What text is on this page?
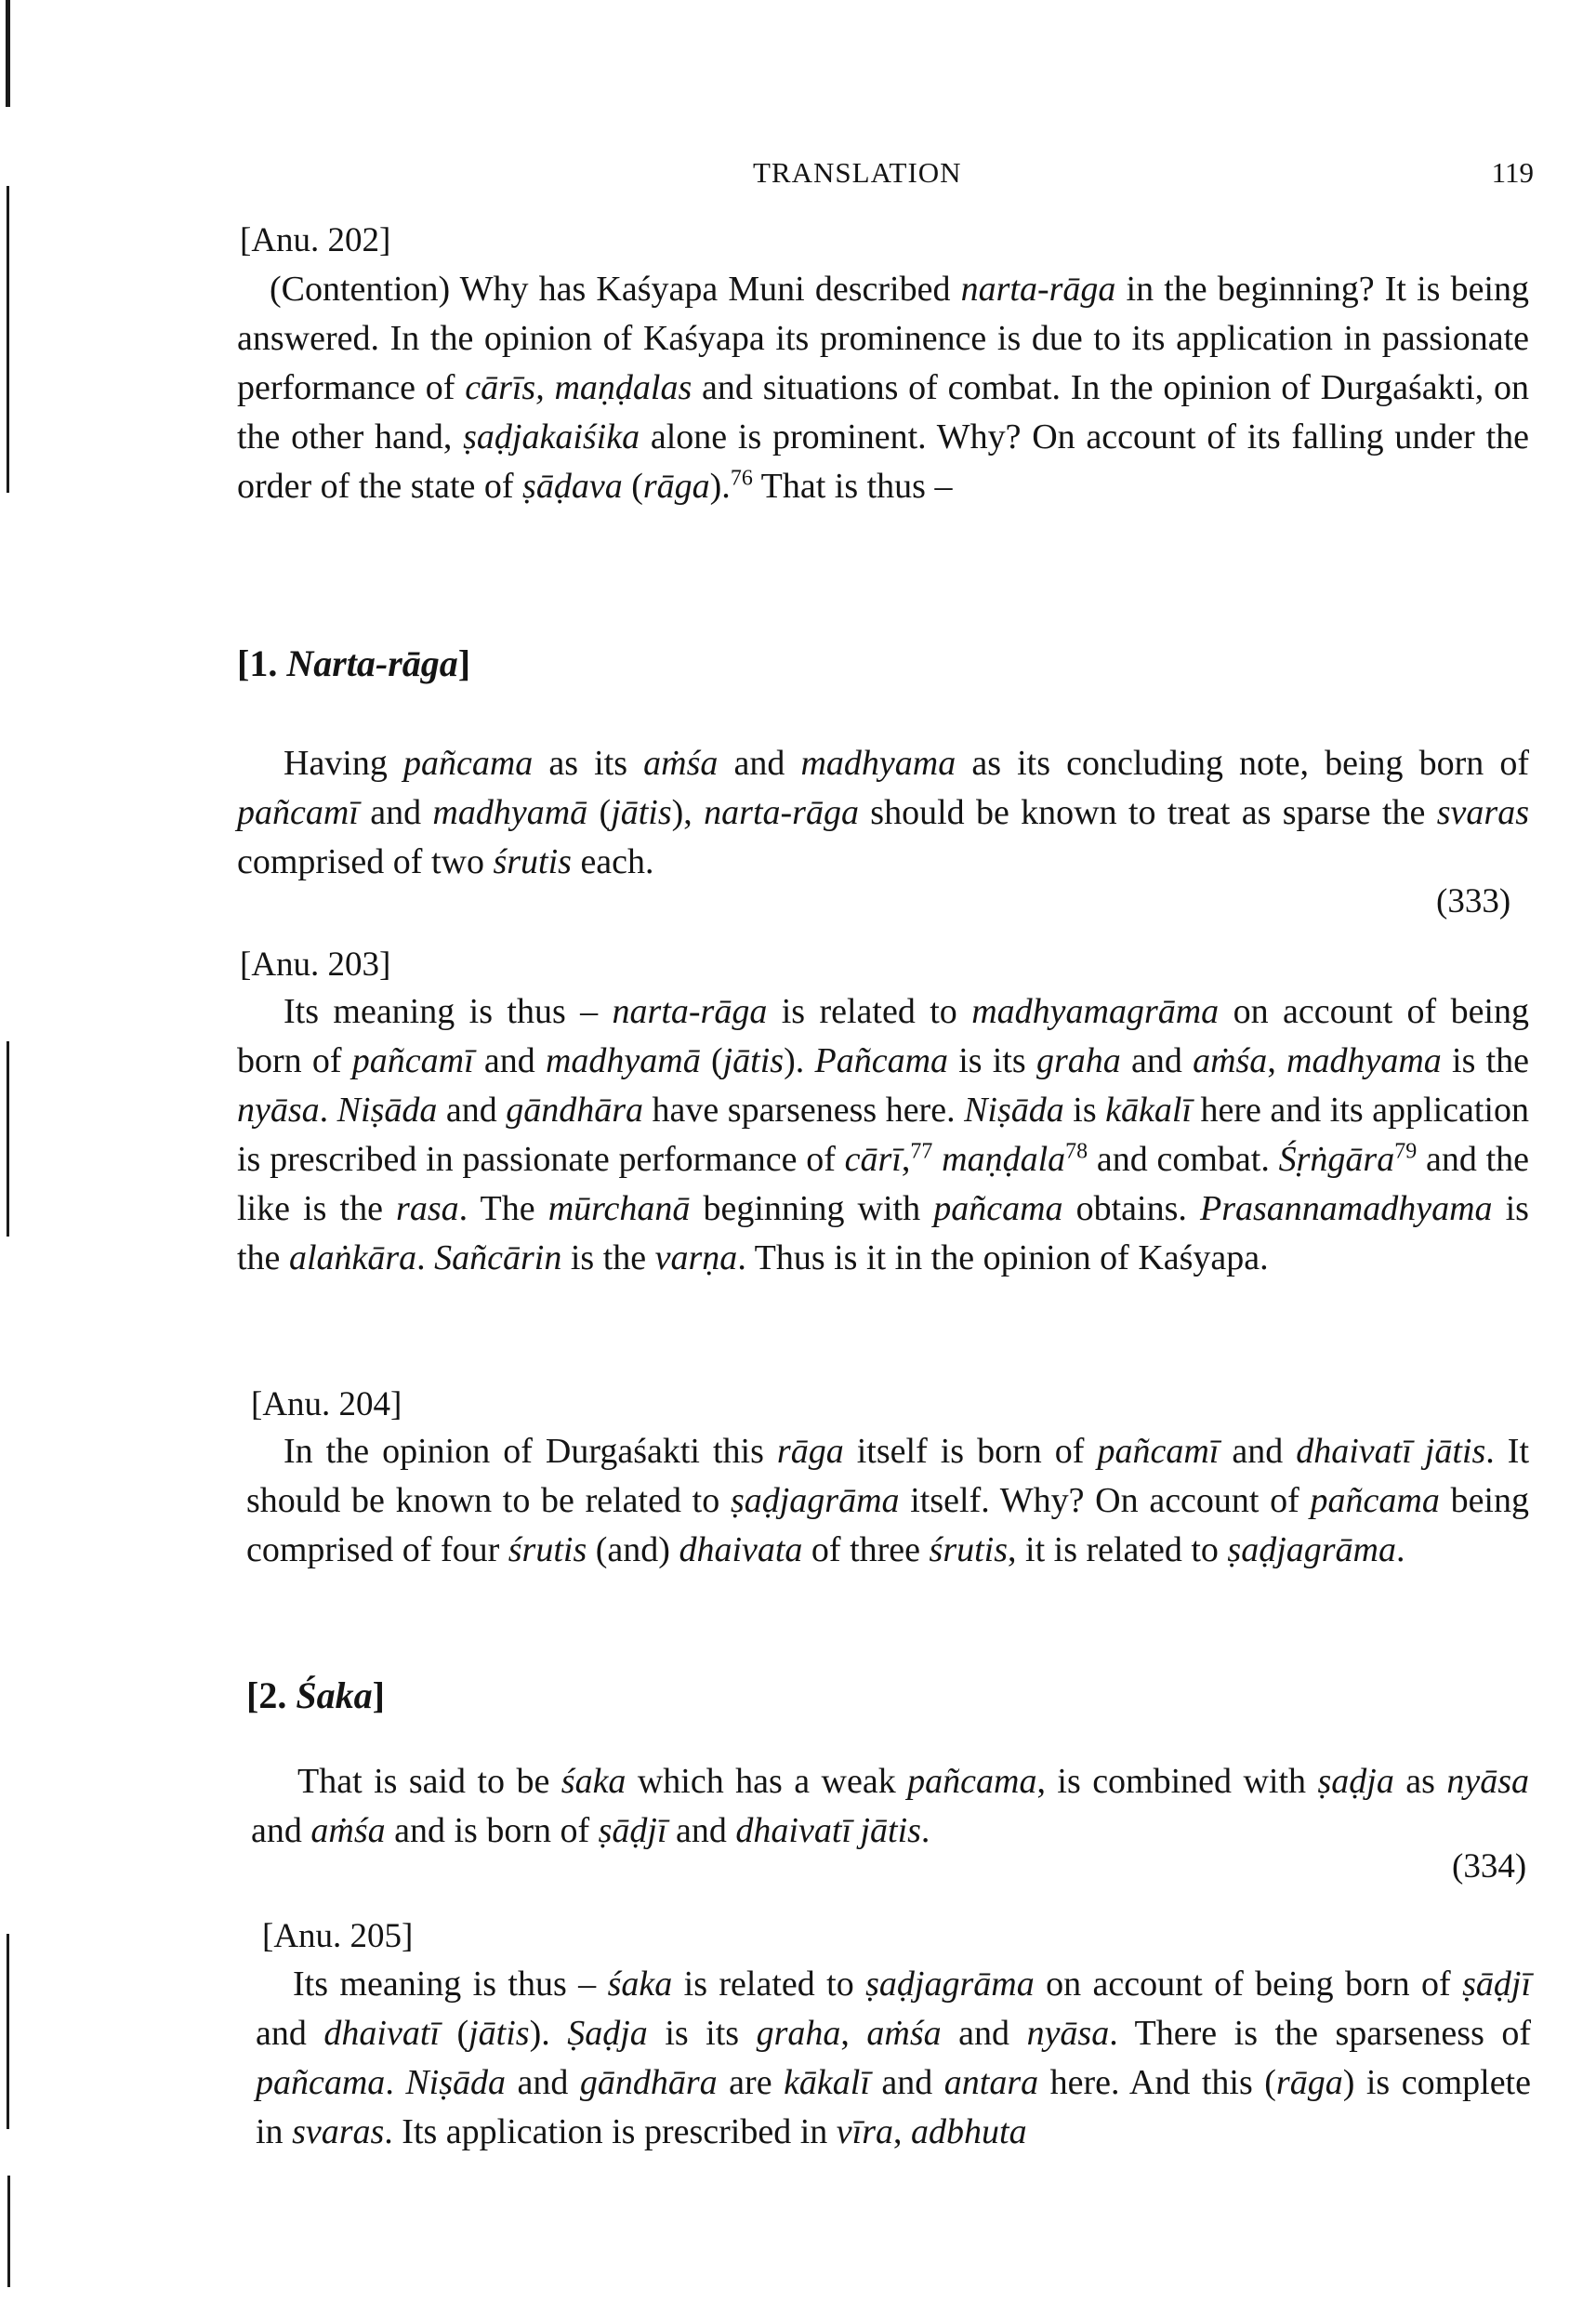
TRANSLATION	119
[Anu. 202]
(Contention) Why has Kaśyapa Muni described narta-rāga in the beginning? It is being answered. In the opinion of Kaśyapa its prominence is due to its application in passionate performance of cārīs, maṇḍalas and situations of combat. In the opinion of Durgaśakti, on the other hand, ṣaḍjakaiśika alone is prominent. Why? On account of its falling under the order of the state of ṣāḍava (rāga).$^{76}$ That is thus –
[1. Narta-rāga]
Having pañcama as its aṁśa and madhyama as its concluding note, being born of pañcamī and madhyamā (jātis), narta-rāga should be known to treat as sparse the svaras comprised of two śrutis each.
(333)
[Anu. 203]
Its meaning is thus – narta-rāga is related to madhyamagrāma on account of being born of pañcamī and madhyamā (jātis). Pañcama is its graha and aṁśa, madhyama is the nyāsa. Niṣāda and gāndhāra have sparseness here. Niṣāda is kākalī here and its application is prescribed in passionate performance of cārī,$^{77}$ maṇḍala$^{78}$ and combat. Śṛṅgāra$^{79}$ and the like is the rasa. The mūrchanā beginning with pañcama obtains. Prasannamadhyama is the alaṅkāra. Sañcārin is the varṇa. Thus is it in the opinion of Kaśyapa.
[Anu. 204]
In the opinion of Durgaśakti this rāga itself is born of pañcamī and dhaivatī jātis. It should be known to be related to ṣaḍjagrāma itself. Why? On account of pañcama being comprised of four śrutis (and) dhaivata of three śrutis, it is related to ṣaḍjagrāma.
[2. Śaka]
That is said to be śaka which has a weak pañcama, is combined with ṣaḍja as nyāsa and aṁśa and is born of ṣāḍjī and dhaivatī jātis.
(334)
[Anu. 205]
Its meaning is thus – śaka is related to ṣaḍjagrāma on account of being born of ṣāḍjī and dhaivatī (jātis). Ṣaḍja is its graha, aṁśa and nyāsa. There is the sparseness of pañcama. Niṣāda and gāndhāra are kākalī and antara here. And this (rāga) is complete in svaras. Its application is prescribed in vīra, adbhuta
